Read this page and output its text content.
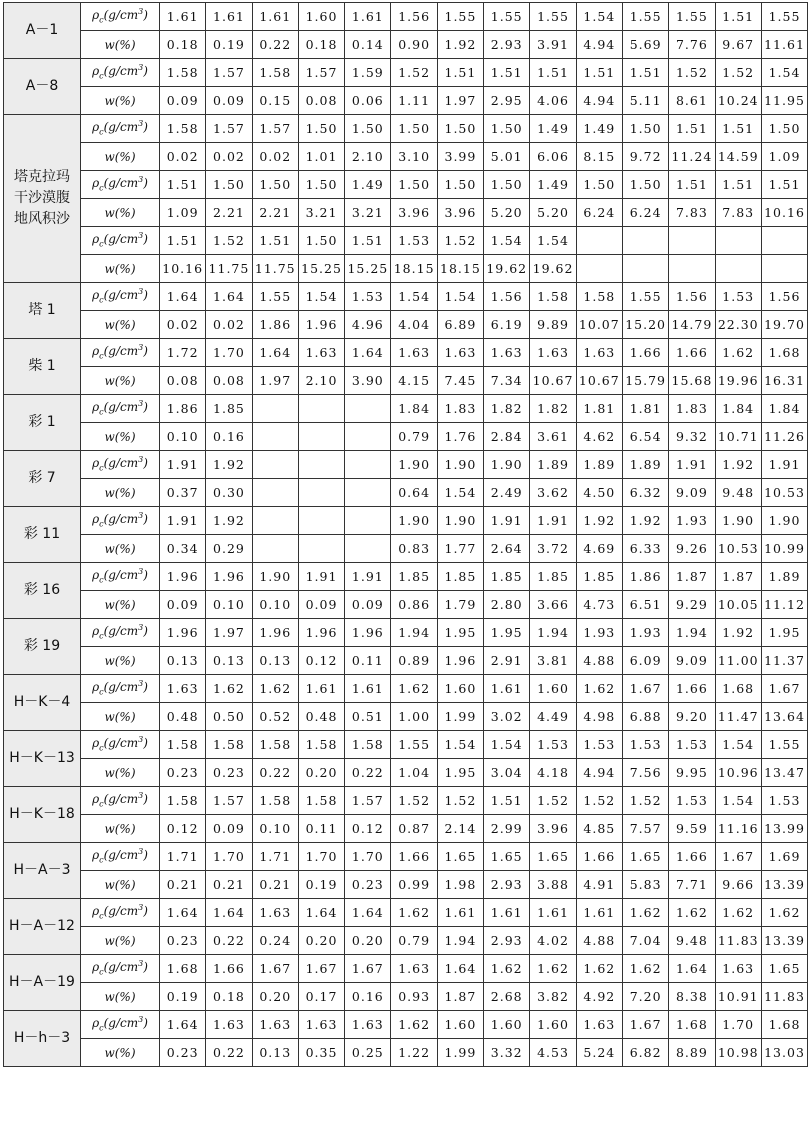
A－1	$\rho_c(g/cm^3)$	1.61	1.61	1.61	1.60	1.61	1.56	1.55	1.55	1.55	1.54	1.55	1.55	1.51	1.55
	w(%)	0.18	0.19	0.22	0.18	0.14	0.90	1.92	2.93	3.91	4.94	5.69	7.76	9.67	11.61
A－8	$\rho_c(g/cm^3)$	1.58	1.57	1.58	1.57	1.59	1.52	1.51	1.51	1.51	1.51	1.51	1.52	1.52	1.54
	w(%)	0.09	0.09	0.15	0.08	0.06	1.11	1.97	2.95	4.06	4.94	5.11	8.61	10.24	11.95
塔克拉玛干沙漠腹地风积沙	$\rho_c(g/cm^3)$	1.58	1.57	1.57	1.50	1.50	1.50	1.50	1.50	1.49	1.49	1.50	1.51	1.51	1.50
	w(%)	0.02	0.02	0.02	1.01	2.10	3.10	3.99	5.01	6.06	8.15	9.72	11.24	14.59	1.09
	$\rho_c(g/cm^3)$	1.51	1.50	1.50	1.50	1.49	1.50	1.50	1.50	1.49	1.50	1.50	1.51	1.51	1.51
	w(%)	1.09	2.21	2.21	3.21	3.21	3.96	3.96	5.20	5.20	6.24	6.24	7.83	7.83	10.16
	$\rho_c(g/cm^3)$	1.51	1.52	1.51	1.50	1.51	1.53	1.52	1.54	1.54					
	w(%)	10.16	11.75	11.75	15.25	15.25	18.15	18.15	19.62	19.62					
塔 1	$\rho_c(g/cm^3)$	1.64	1.64	1.55	1.54	1.53	1.54	1.54	1.56	1.58	1.58	1.55	1.56	1.53	1.56
	w(%)	0.02	0.02	1.86	1.96	4.96	4.04	6.89	6.19	9.89	10.07	15.20	14.79	22.30	19.70
柴 1	$\rho_c(g/cm^3)$	1.72	1.70	1.64	1.63	1.64	1.63	1.63	1.63	1.63	1.63	1.66	1.66	1.62	1.68
	w(%)	0.08	0.08	1.97	2.10	3.90	4.15	7.45	7.34	10.67	10.67	15.79	15.68	19.96	16.31
彩 1	$\rho_c(g/cm^3)$	1.86	1.85				1.84	1.83	1.82	1.82	1.81	1.81	1.83	1.84	1.84
	w(%)	0.10	0.16				0.79	1.76	2.84	3.61	4.62	6.54	9.32	10.71	11.26
彩 7	$\rho_c(g/cm^3)$	1.91	1.92				1.90	1.90	1.90	1.89	1.89	1.89	1.91	1.92	1.91
	w(%)	0.37	0.30				0.64	1.54	2.49	3.62	4.50	6.32	9.09	9.48	10.53
彩 11	$\rho_c(g/cm^3)$	1.91	1.92				1.90	1.90	1.91	1.91	1.92	1.92	1.93	1.90	1.90
	w(%)	0.34	0.29				0.83	1.77	2.64	3.72	4.69	6.33	9.26	10.53	10.99
彩 16	$\rho_c(g/cm^3)$	1.96	1.96	1.90	1.91	1.91	1.85	1.85	1.85	1.85	1.85	1.86	1.87	1.87	1.89
	w(%)	0.09	0.10	0.10	0.09	0.09	0.86	1.79	2.80	3.66	4.73	6.51	9.29	10.05	11.12
彩 19	$\rho_c(g/cm^3)$	1.96	1.97	1.96	1.96	1.96	1.94	1.95	1.95	1.94	1.93	1.93	1.94	1.92	1.95
	w(%)	0.13	0.13	0.13	0.12	0.11	0.89	1.96	2.91	3.81	4.88	6.09	9.09	11.00	11.37
H－K－4	$\rho_c(g/cm^3)$	1.63	1.62	1.62	1.61	1.61	1.62	1.60	1.61	1.60	1.62	1.67	1.66	1.68	1.67
	w(%)	0.48	0.50	0.52	0.48	0.51	1.00	1.99	3.02	4.49	4.98	6.88	9.20	11.47	13.64
H－K－13	$\rho_c(g/cm^3)$	1.58	1.58	1.58	1.58	1.58	1.55	1.54	1.54	1.53	1.53	1.53	1.53	1.54	1.55
	w(%)	0.23	0.23	0.22	0.20	0.22	1.04	1.95	3.04	4.18	4.94	7.56	9.95	10.96	13.47
H－K－18	$\rho_c(g/cm^3)$	1.58	1.57	1.58	1.58	1.57	1.52	1.52	1.51	1.52	1.52	1.52	1.53	1.54	1.53
	w(%)	0.12	0.09	0.10	0.11	0.12	0.87	2.14	2.99	3.96	4.85	7.57	9.59	11.16	13.99
H－A－3	$\rho_c(g/cm^3)$	1.71	1.70	1.71	1.70	1.70	1.66	1.65	1.65	1.65	1.66	1.65	1.66	1.67	1.69
	w(%)	0.21	0.21	0.21	0.19	0.23	0.99	1.98	2.93	3.88	4.91	5.83	7.71	9.66	13.39
H－A－12	$\rho_c(g/cm^3)$	1.64	1.64	1.63	1.64	1.64	1.62	1.61	1.61	1.61	1.61	1.62	1.62	1.62	1.62
	w(%)	0.23	0.22	0.24	0.20	0.20	0.79	1.94	2.93	4.02	4.88	7.04	9.48	11.83	13.39
H－A－19	$\rho_c(g/cm^3)$	1.68	1.66	1.67	1.67	1.67	1.63	1.64	1.62	1.62	1.62	1.62	1.64	1.63	1.65
	w(%)	0.19	0.18	0.20	0.17	0.16	0.93	1.87	2.68	3.82	4.92	7.20	8.38	10.91	11.83
H－h－3	$\rho_c(g/cm^3)$	1.64	1.63	1.63	1.63	1.63	1.62	1.60	1.60	1.60	1.63	1.67	1.68	1.70	1.68
	w(%)	0.23	0.22	0.13	0.35	0.25	1.22	1.99	3.32	4.53	5.24	6.82	8.89	10.98	13.03
